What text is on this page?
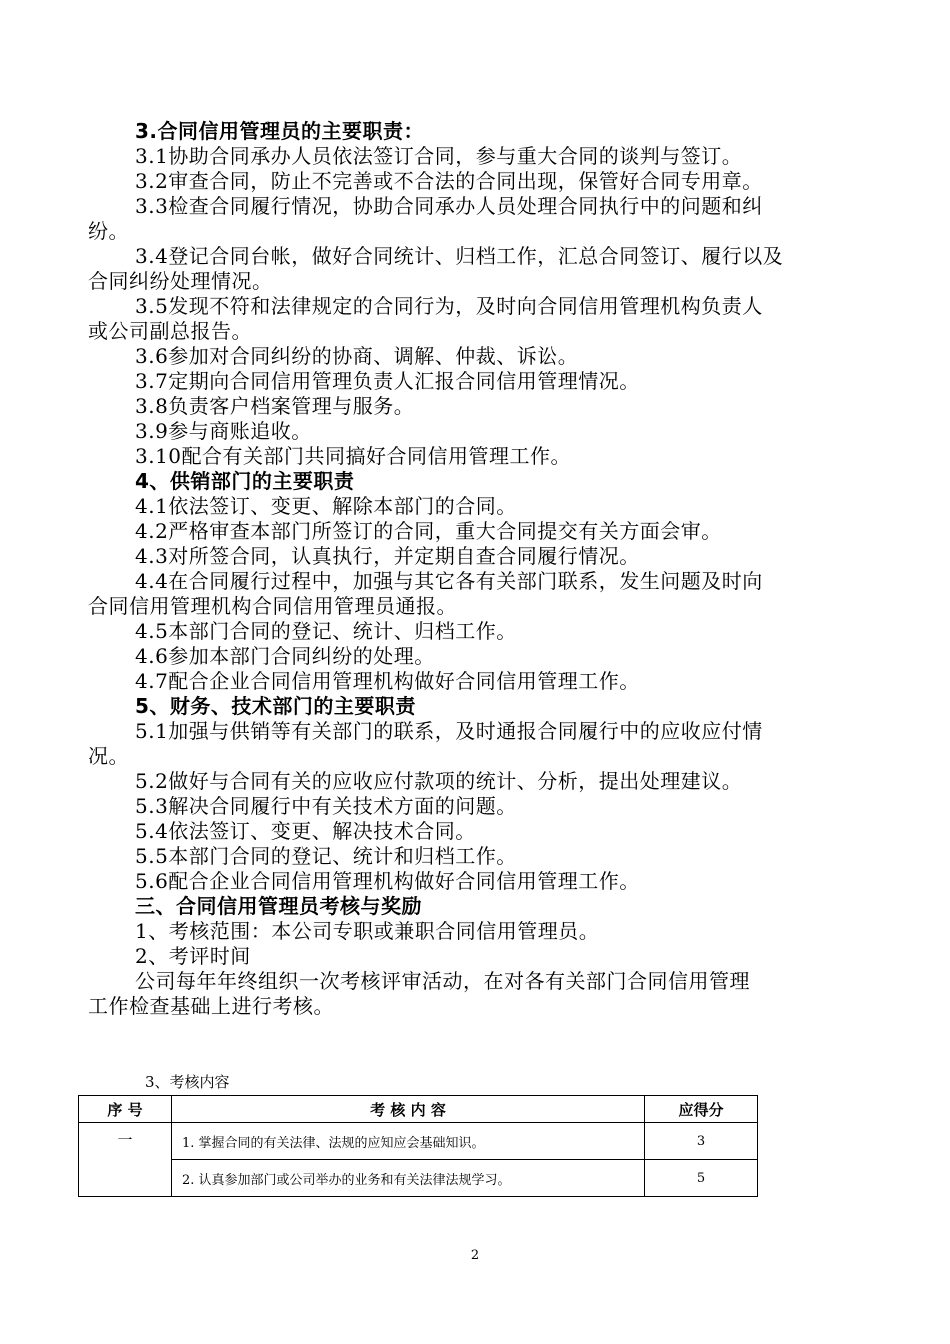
3.合同信用管理员的主要职责：
3.1协助合同承办人员依法签订合同，参与重大合同的谈判与签订。
3.2审查合同，防止不完善或不合法的合同出现，保管好合同专用章。
3.3检查合同履行情况，协助合同承办人员处理合同执行中的问题和纠
纷。
3.4登记合同台帐，做好合同统计、归档工作，汇总合同签订、履行以及
合同纠纷处理情况。
3.5发现不符和法律规定的合同行为，及时向合同信用管理机构负责人
或公司副总报告。
3.6参加对合同纠纷的协商、调解、仲裁、诉讼。
3.7定期向合同信用管理负责人汇报合同信用管理情况。
3.8负责客户档案管理与服务。
3.9参与商账追收。
3.10配合有关部门共同搞好合同信用管理工作。
4、供销部门的主要职责
4.1依法签订、变更、解除本部门的合同。
4.2严格审查本部门所签订的合同，重大合同提交有关方面会审。
4.3对所签合同，认真执行，并定期自查合同履行情况。
4.4在合同履行过程中，加强与其它各有关部门联系，发生问题及时向
合同信用管理机构合同信用管理员通报。
4.5本部门合同的登记、统计、归档工作。
4.6参加本部门合同纠纷的处理。
4.7配合企业合同信用管理机构做好合同信用管理工作。
5、财务、技术部门的主要职责
5.1加强与供销等有关部门的联系，及时通报合同履行中的应收应付情
况。
5.2做好与合同有关的应收应付款项的统计、分析，提出处理建议。
5.3解决合同履行中有关技术方面的问题。
5.4依法签订、变更、解决技术合同。
5.5本部门合同的登记、统计和归档工作。
5.6配合企业合同信用管理机构做好合同信用管理工作。
三、合同信用管理员考核与奖励
1、考核范围：本公司专职或兼职合同信用管理员。
2、考评时间
公司每年年终组织一次考核评审活动，在对各有关部门合同信用管理
工作检查基础上进行考核。
3、考核内容
序 号	考 核 内 容	应得分
一	1. 掌握合同的有关法律、法规的应知应会基础知识。	3
	2. 认真参加部门或公司举办的业务和有关法律法规学习。	5
2
